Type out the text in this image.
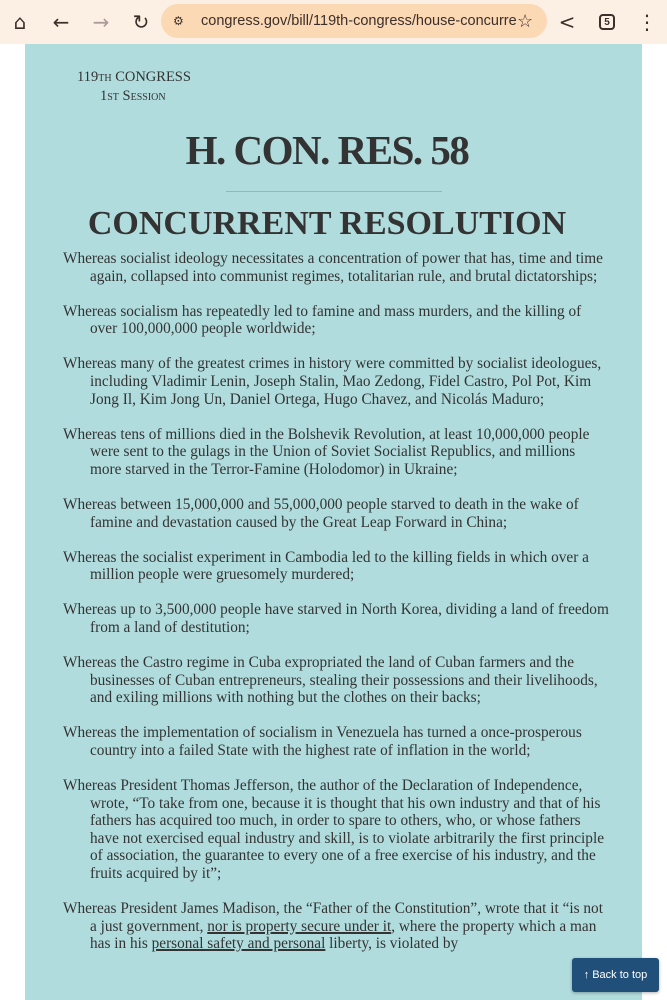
⌂	←	→	↻	⚙ congress.gov/bill/119th-congress/house-concurre ☆	<	5 ⋮
119TH CONGRESS
1ST SESSION
H. CON. RES. 58
CONCURRENT RESOLUTION

Whereas socialist ideology necessitates a concentration of power that has, time and time again, collapsed into communist regimes, totalitarian rule, and brutal dictatorships;

Whereas socialism has repeatedly led to famine and mass murders, and the killing of over 100,000,000 people worldwide;

Whereas many of the greatest crimes in history were committed by socialist ideologues, including Vladimir Lenin, Joseph Stalin, Mao Zedong, Fidel Castro, Pol Pot, Kim Jong Il, Kim Jong Un, Daniel Ortega, Hugo Chavez, and Nicolás Maduro;

Whereas tens of millions died in the Bolshevik Revolution, at least 10,000,000 people were sent to the gulags in the Union of Soviet Socialist Republics, and millions more starved in the Terror-Famine (Holodomor) in Ukraine;

Whereas between 15,000,000 and 55,000,000 people starved to death in the wake of famine and devastation caused by the Great Leap Forward in China;

Whereas the socialist experiment in Cambodia led to the killing fields in which over a million people were gruesomely murdered;

Whereas up to 3,500,000 people have starved in North Korea, dividing a land of freedom from a land of destitution;

Whereas the Castro regime in Cuba expropriated the land of Cuban farmers and the businesses of Cuban entrepreneurs, stealing their possessions and their livelihoods, and exiling millions with nothing but the clothes on their backs;

Whereas the implementation of socialism in Venezuela has turned a once-prosperous country into a failed State with the highest rate of inflation in the world;

Whereas President Thomas Jefferson, the author of the Declaration of Independence, wrote, “To take from one, because it is thought that his own industry and that of his fathers has acquired too much, in order to spare to others, who, or whose fathers have not exercised equal industry and skill, is to violate arbitrarily the first principle of association, the guarantee to every one of a free exercise of his industry, and the fruits acquired by it”;

Whereas President James Madison, the “Father of the Constitution”, wrote that it “is not a just government, nor is property secure under it, where the property which a man has in his personal safety and personal liberty, is violated by

↑ Back to top
